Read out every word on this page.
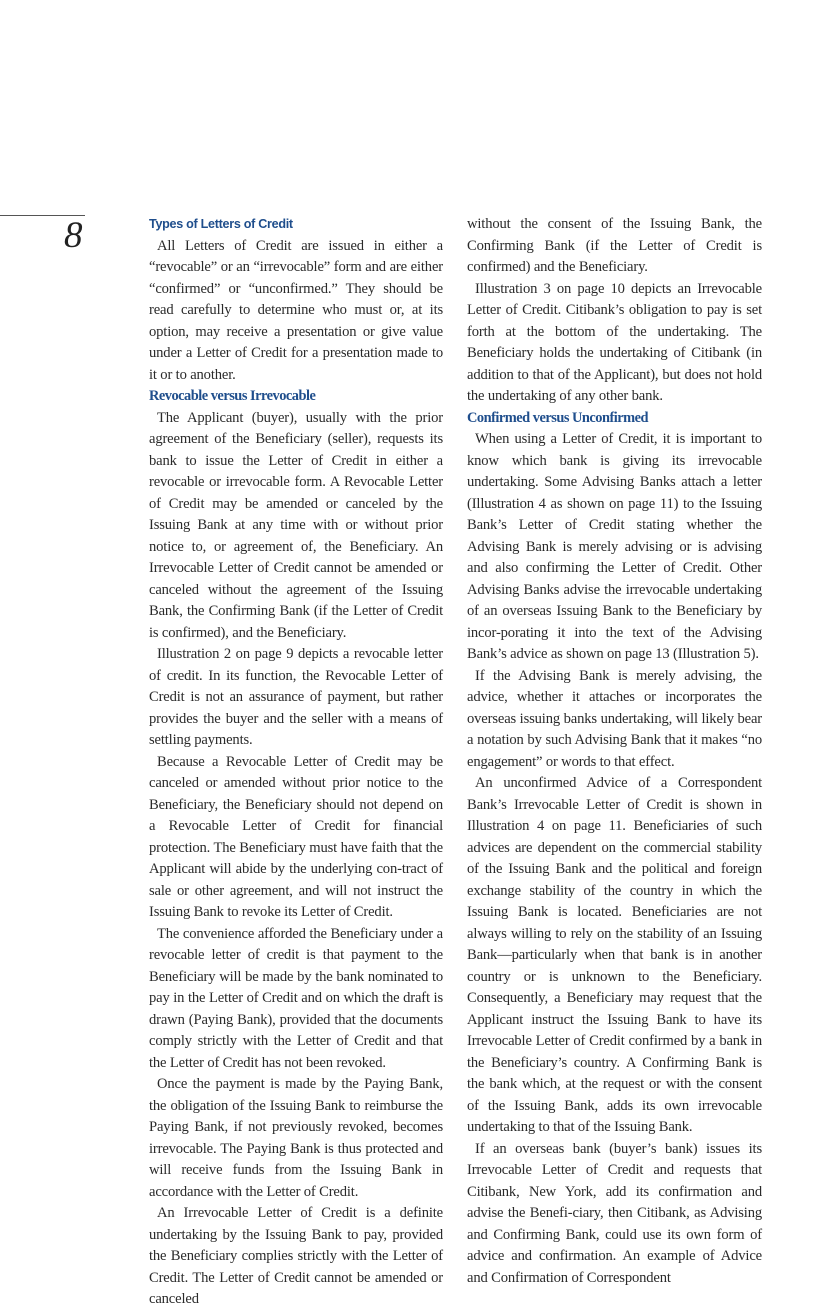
8	Types of Letters of Credit

All Letters of Credit are issued in either a “revocable” or an “irrevocable” form and are either “confirmed” or “unconfirmed.” They should be read carefully to determine who must or, at its option, may receive a presentation or give value under a Letter of Credit for a presentation made to it or to another.

Revocable versus Irrevocable

The Applicant (buyer), usually with the prior agreement of the Beneficiary (seller), requests its bank to issue the Letter of Credit in either a revocable or irrevocable form. A Revocable Letter of Credit may be amended or canceled by the Issuing Bank at any time with or without prior notice to, or agreement of, the Beneficiary. An Irrevocable Letter of Credit cannot be amended or canceled without the agreement of the Issuing Bank, the Confirming Bank (if the Letter of Credit is confirmed), and the Beneficiary.

Illustration 2 on page 9 depicts a revocable letter of credit. In its function, the Revocable Letter of Credit is not an assurance of payment, but rather provides the buyer and the seller with a means of settling payments.

Because a Revocable Letter of Credit may be canceled or amended without prior notice to the Beneficiary, the Beneficiary should not depend on a Revocable Letter of Credit for financial protection. The Beneficiary must have faith that the Applicant will abide by the underlying con-tract of sale or other agreement, and will not instruct the Issuing Bank to revoke its Letter of Credit.

The convenience afforded the Beneficiary under a revocable letter of credit is that payment to the Beneficiary will be made by the bank nominated to pay in the Letter of Credit and on which the draft is drawn (Paying Bank), provided that the documents comply strictly with the Letter of Credit and that the Letter of Credit has not been revoked.

Once the payment is made by the Paying Bank, the obligation of the Issuing Bank to reimburse the Paying Bank, if not previously revoked, becomes irrevocable. The Paying Bank is thus protected and will receive funds from the Issuing Bank in accordance with the Letter of Credit.

An Irrevocable Letter of Credit is a definite undertaking by the Issuing Bank to pay, provided the Beneficiary complies strictly with the Letter of Credit. The Letter of Credit cannot be amended or canceled

without the consent of the Issuing Bank, the Confirming Bank (if the Letter of Credit is confirmed) and the Beneficiary.

Illustration 3 on page 10 depicts an Irrevocable Letter of Credit. Citibank’s obligation to pay is set forth at the bottom of the undertaking. The Beneficiary holds the undertaking of Citibank (in addition to that of the Applicant), but does not hold the undertaking of any other bank.

Confirmed versus Unconfirmed

When using a Letter of Credit, it is important to know which bank is giving its irrevocable undertaking. Some Advising Banks attach a letter (Illustration 4 as shown on page 11) to the Issuing Bank’s Letter of Credit stating whether the Advising Bank is merely advising or is advising and also confirming the Letter of Credit. Other Advising Banks advise the irrevocable undertaking of an overseas Issuing Bank to the Beneficiary by incor-porating it into the text of the Advising Bank’s advice as shown on page 13 (Illustration 5).

If the Advising Bank is merely advising, the advice, whether it attaches or incorporates the overseas issuing banks undertaking, will likely bear a notation by such Advising Bank that it makes “no engagement” or words to that effect.

An unconfirmed Advice of a Correspondent Bank’s Irrevocable Letter of Credit is shown in Illustration 4 on page 11. Beneficiaries of such advices are dependent on the commercial stability of the Issuing Bank and the political and foreign exchange stability of the country in which the Issuing Bank is located. Beneficiaries are not always willing to rely on the stability of an Issuing Bank—particularly when that bank is in another country or is unknown to the Beneficiary. Consequently, a Beneficiary may request that the Applicant instruct the Issuing Bank to have its Irrevocable Letter of Credit confirmed by a bank in the Beneficiary’s country. A Confirming Bank is the bank which, at the request or with the consent of the Issuing Bank, adds its own irrevocable undertaking to that of the Issuing Bank.

If an overseas bank (buyer’s bank) issues its Irrevocable Letter of Credit and requests that Citibank, New York, add its confirmation and advise the Benefi-ciary, then Citibank, as Advising and Confirming Bank, could use its own form of advice and confirmation. An example of Advice and Confirmation of Correspondent
